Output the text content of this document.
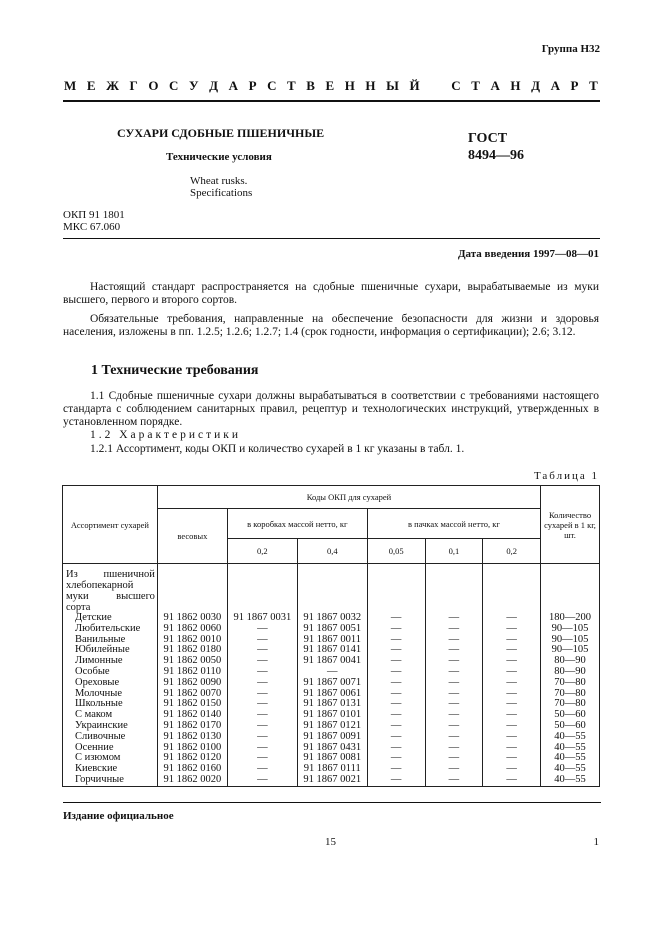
Группа Н32
М Е Ж Г О С У Д А Р С Т В Е Н Н Ы Й С Т А Н Д А Р Т
СУХАРИ СДОБНЫЕ ПШЕНИЧНЫЕ
Технические условия
ГОСТ
8494—96
Wheat rusks.
Specifications
ОКП 91 1801
МКС 67.060
Дата введения 1997—08—01
Настоящий стандарт распространяется на сдобные пшеничные сухари, вырабатываемые из муки высшего, первого и второго сортов.
Обязательные требования, направленные на обеспечение безопасности для жизни и здоровья населения, изложены в пп. 1.2.5; 1.2.6; 1.2.7; 1.4 (срок годности, информация о сертификации); 2.6; 3.12.
1 Технические требования
1.1 Сдобные пшеничные сухари должны вырабатываться в соответствии с требованиями настоящего стандарта с соблюдением санитарных правил, рецептур и технологических инструкций, утвержденных в установленном порядке.
1.2 Характеристики
1.2.1 Ассортимент, коды ОКП и количество сухарей в 1 кг указаны в табл. 1.
Таблица 1
Ассортимент сухарей	Коды ОКП для сухарей						Количество сухарей в 1 кг, шт.
	весовых	в коробках массой нетто, кг		в пачках массой нетто, кг			
		0,2	0,4	0,05	0,1	0,2	
Из пшеничной хлебопекарной муки высшего сорта							
Детские	91 1862 0030	91 1867 0031	91 1867 0032	—	—	—	180—200
Любительские	91 1862 0060	—	91 1867 0051	—	—	—	90—105
Ванильные	91 1862 0010	—	91 1867 0011	—	—	—	90—105
Юбилейные	91 1862 0180	—	91 1867 0141	—	—	—	90—105
Лимонные	91 1862 0050	—	91 1867 0041	—	—	—	80—90
Особые	91 1862 0110	—	—	—	—	—	80—90
Ореховые	91 1862 0090	—	91 1867 0071	—	—	—	70—80
Молочные	91 1862 0070	—	91 1867 0061	—	—	—	70—80
Школьные	91 1862 0150	—	91 1867 0131	—	—	—	70—80
С маком	91 1862 0140	—	91 1867 0101	—	—	—	50—60
Украинские	91 1862 0170	—	91 1867 0121	—	—	—	50—60
Сливочные	91 1862 0130	—	91 1867 0091	—	—	—	40—55
Осенние	91 1862 0100	—	91 1867 0431	—	—	—	40—55
С изюмом	91 1862 0120	—	91 1867 0081	—	—	—	40—55
Киевские	91 1862 0160	—	91 1867 0111	—	—	—	40—55
Горчичные	91 1862 0020	—	91 1867 0021	—	—	—	40—55
Издание официальное
15	1
